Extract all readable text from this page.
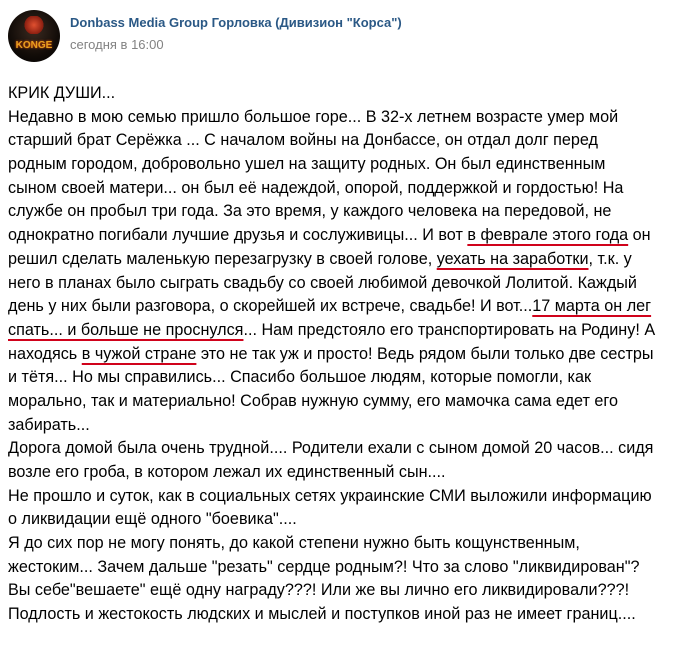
KONGE
Donbass Media Group Горловка (Дивизион "Корса")
сегодня в 16:00
КРИК ДУШИ...
Недавно в мою семью пришло большое горе... В 32-х летнем возрасте умер мой
старший брат Серёжка ... С началом войны на Донбассе, он отдал долг перед
родным городом, добровольно ушел на защиту родных. Он был единственным
сыном своей матери... он был её надеждой, опорой, поддержкой и гордостью! На
службе он пробыл три года. За это время, у каждого человека на передовой, не
однократно погибали лучшие друзья и сослуживицы... И вот в феврале этого года он
решил сделать маленькую перезагрузку в своей голове, уехать на заработки, т.к. у
него в планах было сыграть свадьбу со своей любимой девочкой Лолитой. Каждый
день у них были разговора, о скорейшей их встрече, свадьбе! И вот...17 марта он лег
спать... и больше не проснулся... Нам предстояло его транспортировать на Родину! А
находясь в чужой стране это не так уж и просто! Ведь рядом были только две сестры
и тётя... Но мы справились... Спасибо большое людям, которые помогли, как
морально, так и материально! Собрав нужную сумму, его мамочка сама едет его
забирать...
Дорога домой была очень трудной.... Родители ехали с сыном домой 20 часов... сидя
возле его гроба, в котором лежал их единственный сын....
Не прошло и суток, как в социальных сетях украинские СМИ выложили информацию
о ликвидации ещё одного "боевика"....
Я до сих пор не могу понять, до какой степени нужно быть кощунственным,
жестоким... Зачем дальше "резать" сердце родным?! Что за слово "ликвидирован"?
Вы себе"вешаете" ещё одну награду???! Или же вы лично его ликвидировали???!
Подлость и жестокость людских и мыслей и поступков иной раз не имеет границ....
